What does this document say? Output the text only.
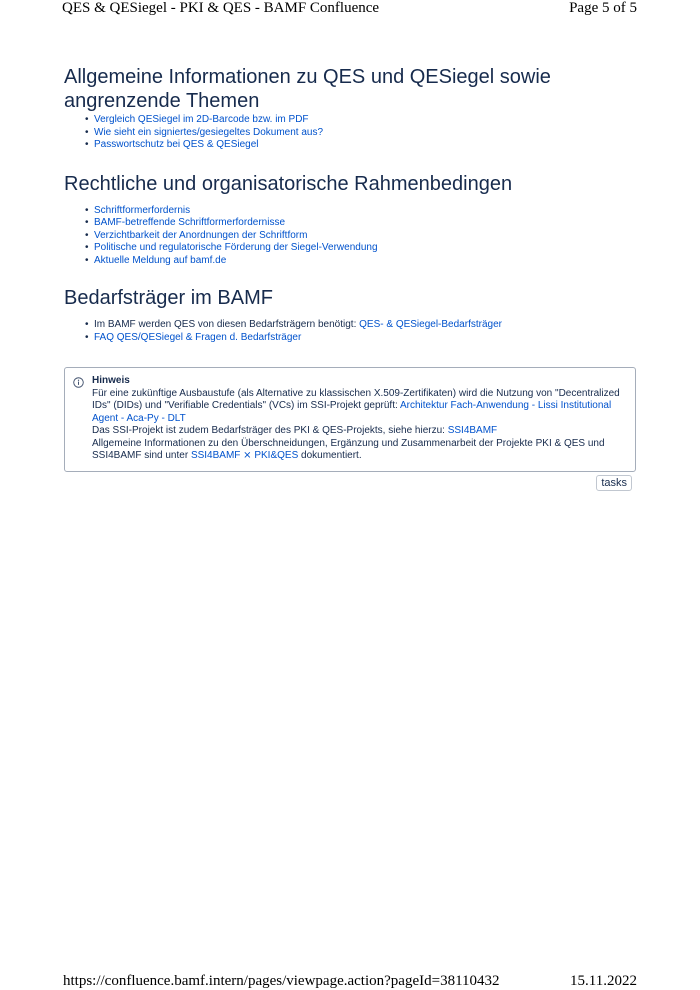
QES & QESiegel - PKI & QES - BAMF Confluence	Page 5 of 5
Allgemeine Informationen zu QES und QESiegel sowie angrenzende Themen
• Vergleich QESiegel im 2D-Barcode bzw. im PDF
• Wie sieht ein signiertes/gesiegeltes Dokument aus?
• Passwortschutz bei QES & QESiegel
Rechtliche und organisatorische Rahmenbedingen
• Schriftformerfordernis
• BAMF-betreffende Schriftformerfordernisse
• Verzichtbarkeit der Anordnungen der Schriftform
• Politische und regulatorische Förderung der Siegel-Verwendung
• Aktuelle Meldung auf bamf.de
Bedarfsträger im BAMF
• Im BAMF werden QES von diesen Bedarfsträgern benötigt: QES- & QESiegel-Bedarfsträger
• FAQ QES/QESiegel & Fragen d. Bedarfsträger
Hinweis
Für eine zukünftige Ausbaustufe (als Alternative zu klassischen X.509-Zertifikaten) wird die Nutzung von "Decentralized IDs" (DIDs) und "Verifiable Credentials" (VCs) im SSI-Projekt geprüft: Architektur Fach-Anwendung - Lissi Institutional Agent - Aca-Py - DLT
Das SSI-Projekt ist zudem Bedarfsträger des PKI & QES-Projekts, siehe hierzu: SSI4BAMF
Allgemeine Informationen zu den Überschneidungen, Ergänzung und Zusammenarbeit der Projekte PKI & QES und SSI4BAMF sind unter SSI4BAMF ⨯ PKI&QES dokumentiert.
tasks
https://confluence.bamf.intern/pages/viewpage.action?pageId=38110432	15.11.2022
